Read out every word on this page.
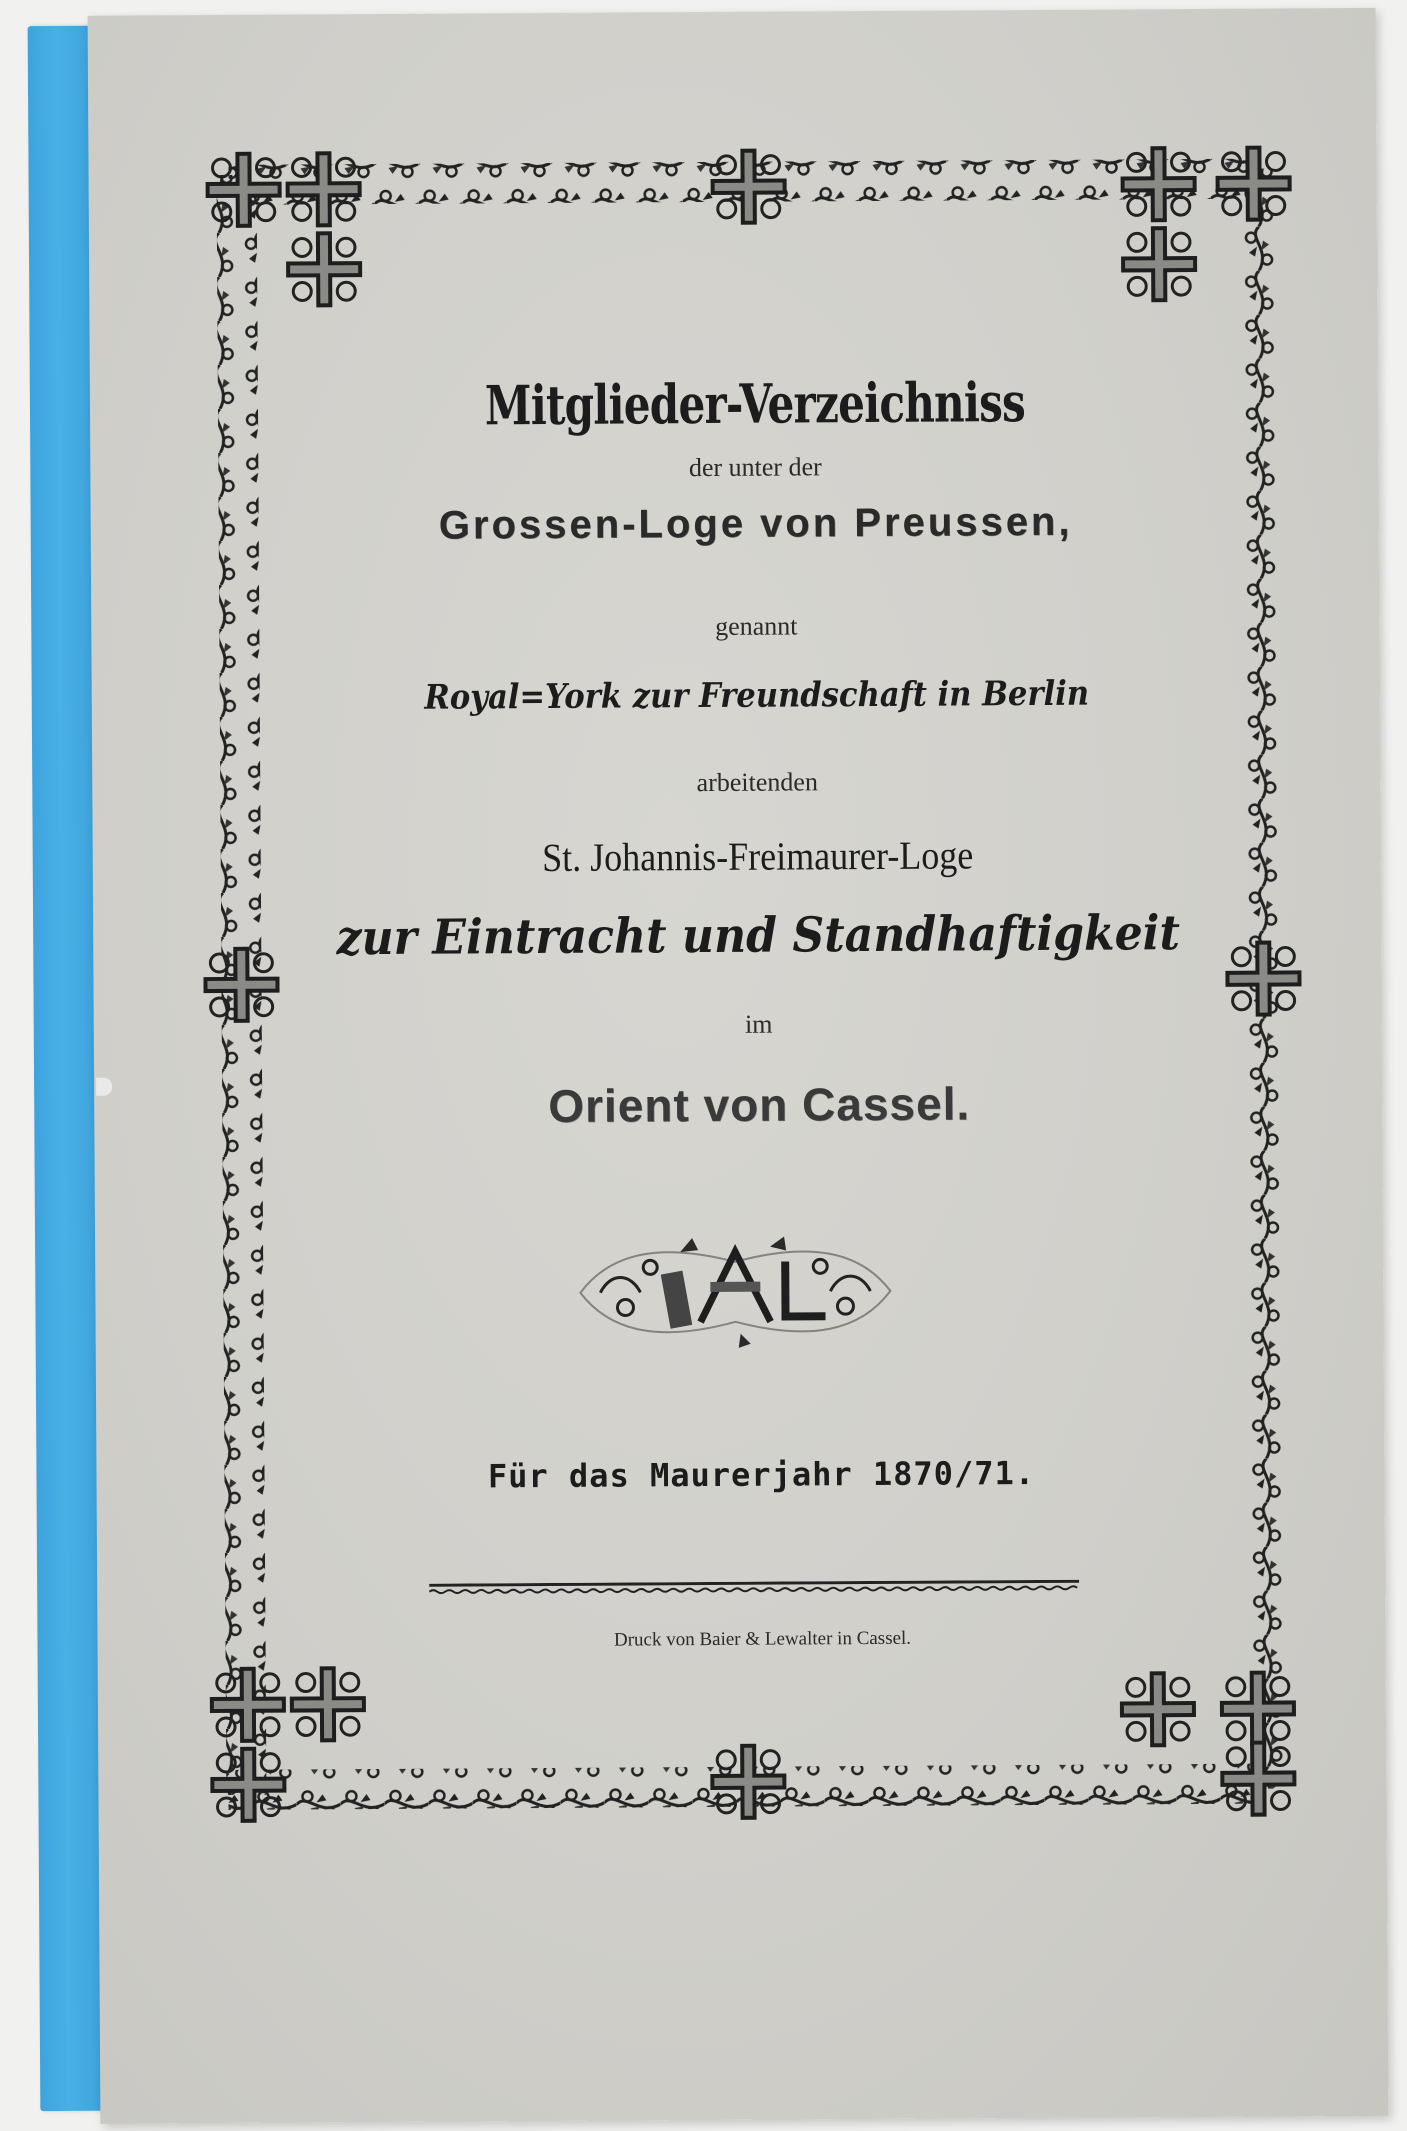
Mitglieder-Verzeichniss
der unter der
Grossen-Loge von Preussen,
genannt
Royal=York zur Freundschaft in Berlin
arbeitenden
St. Johannis-Freimaurer-Loge
zur Eintracht und Standhaftigkeit
im
Orient von Cassel.
Für das Maurerjahr 1870/71.
Druck von Baier & Lewalter in Cassel.
